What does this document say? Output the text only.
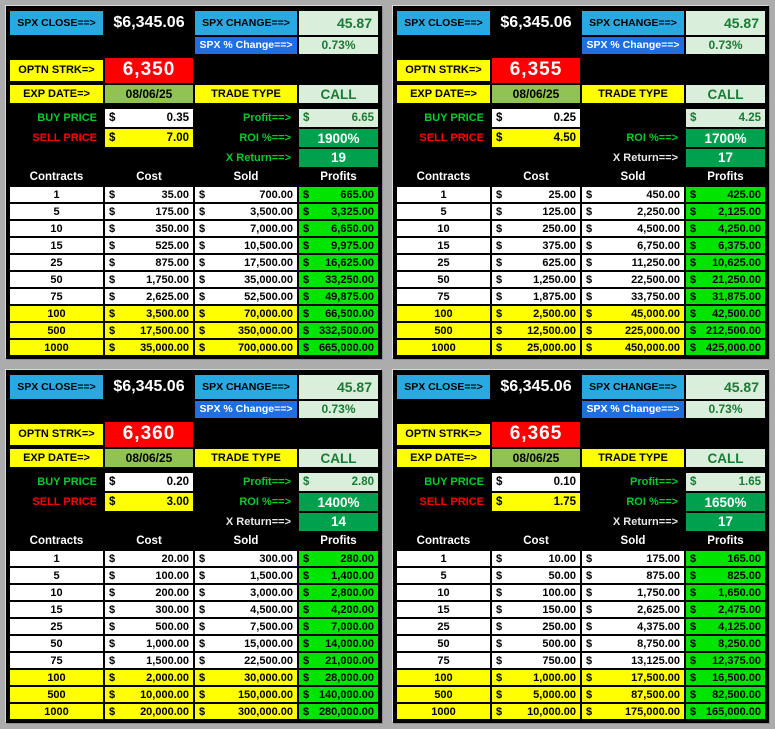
SPX CLOSE==>	$6,345.06	SPX CHANGE==>	45.87
SPX % Change==>	0.73%
OPTN STRK=>	6,350
EXP DATE=>	08/06/25	TRADE TYPE	CALL
BUY PRICE	$	0.35	Profit==>	$	6.65
SELL PRICE	$	7.00	ROI %==>	1900%
X Return==>	19
Contracts	Cost	Sold	Profits
1	$	35.00 $	700.00 $	665.00
5	$	175.00 $	3,500.00 $ 3,325.00
10	$	350.00 $	7,000.00 $ 6,650.00
15	$	525.00 $	10,500.00 $ 9,975.00
25	$	875.00 $	17,500.00 $ 16,625.00
50	$	1,750.00 $	35,000.00 $ 33,250.00
75	$	2,625.00 $	52,500.00 $ 49,875.00
100	$	3,500.00 $	70,000.00 $ 66,500.00
500	$ 17,500.00 $	350,000.00 $ 332,500.00
1000	$ 35,000.00 $	700,000.00 $ 665,000.00
SPX CLOSE==>	$6,345.06	SPX CHANGE==>	45.87
SPX % Change==>	0.73%
OPTN STRK=>	6,355
EXP DATE=>	08/06/25	TRADE TYPE	CALL
BUY PRICE	$	0.25	$	4.25
SELL PRICE	$	4.50	ROI %==>	1700%
X Return==>	17
Contracts	Cost	Sold	Profits
1	$	25.00 $	450.00 $	425.00
5	$	125.00 $	2,250.00 $ 2,125.00
10	$	250.00 $	4,500.00 $ 4,250.00
15	$	375.00 $	6,750.00 $ 6,375.00
25	$	625.00 $	11,250.00 $ 10,625.00
50	$	1,250.00 $	22,500.00 $ 21,250.00
75	$	1,875.00 $	33,750.00 $ 31,875.00
100	$	2,500.00 $	45,000.00 $ 42,500.00
500	$ 12,500.00 $	225,000.00 $ 212,500.00
1000	$ 25,000.00 $	450,000.00 $ 425,000.00
SPX CLOSE==>	$6,345.06	SPX CHANGE==>	45.87
SPX % Change==>	0.73%
OPTN STRK=>	6,360
EXP DATE=>	08/06/25	TRADE TYPE	CALL
BUY PRICE	$	0.20	Profit==>	$	2.80
SELL PRICE	$	3.00	ROI %==>	1400%
X Return==>	14
Contracts	Cost	Sold	Profits
1	$	20.00 $	300.00 $	280.00
5	$	100.00 $	1,500.00 $ 1,400.00
10	$	200.00 $	3,000.00 $ 2,800.00
15	$	300.00 $	4,500.00 $ 4,200.00
25	$	500.00 $	7,500.00 $ 7,000.00
50	$	1,000.00 $	15,000.00 $ 14,000.00
75	$	1,500.00 $	22,500.00 $ 21,000.00
100	$	2,000.00 $	30,000.00 $ 28,000.00
500	$ 10,000.00 $	150,000.00 $ 140,000.00
1000	$ 20,000.00 $	300,000.00 $ 280,000.00
SPX CLOSE==>	$6,345.06	SPX CHANGE==>	45.87
SPX % Change==>	0.73%
OPTN STRK=>	6,365
EXP DATE=>	08/06/25	TRADE TYPE	CALL
BUY PRICE	$	0.10	Profit==>	$	1.65
SELL PRICE	$	1.75	ROI %==>	1650%
X Return==>	17
Contracts	Cost	Sold	Profits
1	$	10.00 $	175.00 $	165.00
5	$	50.00 $	875.00 $	825.00
10	$	100.00 $	1,750.00 $ 1,650.00
15	$	150.00 $	2,625.00 $ 2,475.00
25	$	250.00 $	4,375.00 $ 4,125.00
50	$	500.00 $	8,750.00 $ 8,250.00
75	$	750.00 $	13,125.00 $ 12,375.00
100	$	1,000.00 $	17,500.00 $ 16,500.00
500	$	5,000.00 $	87,500.00 $ 82,500.00
1000	$ 10,000.00 $	175,000.00 $ 165,000.00
